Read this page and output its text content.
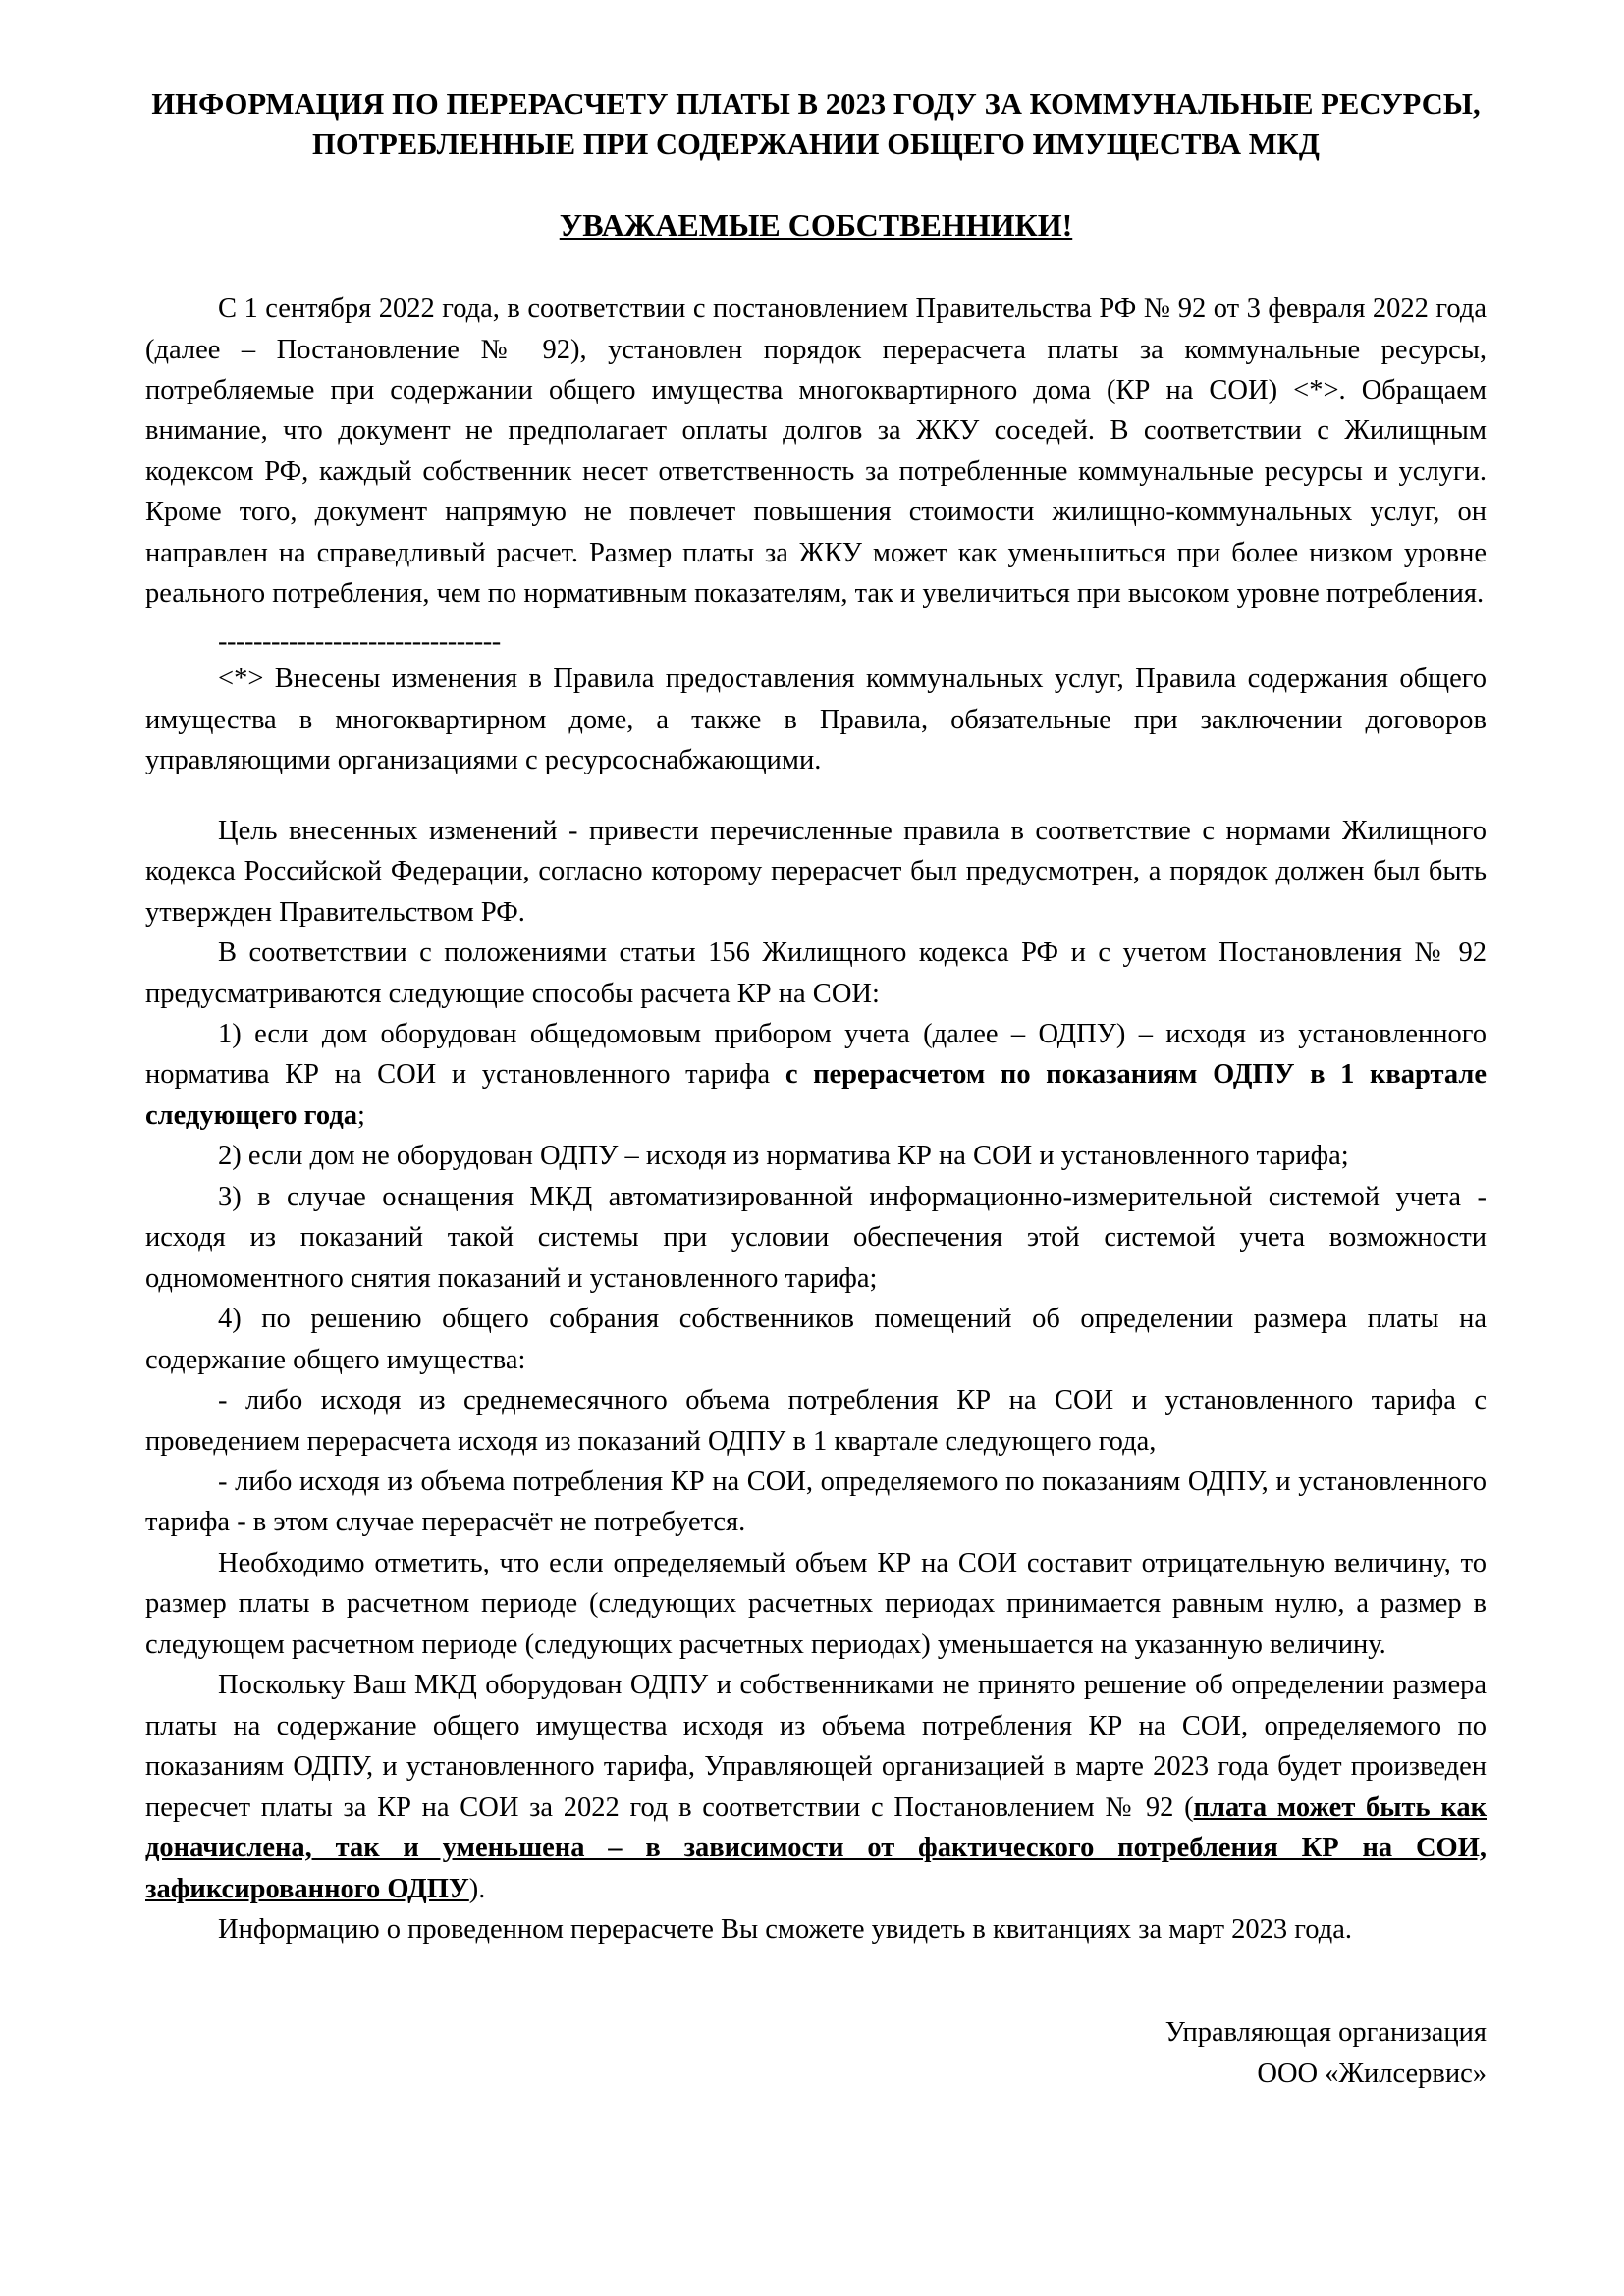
ИНФОРМАЦИЯ ПО ПЕРЕРАСЧЕТУ ПЛАТЫ В 2023 ГОДУ ЗА КОММУНАЛЬНЫЕ РЕСУРСЫ, ПОТРЕБЛЕННЫЕ ПРИ СОДЕРЖАНИИ ОБЩЕГО ИМУЩЕСТВА МКД
УВАЖАЕМЫЕ СОБСТВЕННИКИ!

С 1 сентября 2022 года, в соответствии с постановлением Правительства РФ № 92 от 3 февраля 2022 года (далее – Постановление № 92), установлен порядок перерасчета платы за коммунальные ресурсы, потребляемые при содержании общего имущества многоквартирного дома (КР на СОИ) <*>. Обращаем внимание, что документ не предполагает оплаты долгов за ЖКУ соседей. В соответствии с Жилищным кодексом РФ, каждый собственник несет ответственность за потребленные коммунальные ресурсы и услуги. Кроме того, документ напрямую не повлечет повышения стоимости жилищно-коммунальных услуг, он направлен на справедливый расчет. Размер платы за ЖКУ может как уменьшиться при более низком уровне реального потребления, чем по нормативным показателям, так и увеличиться при высоком уровне потребления.

--------------------------------

<*> Внесены изменения в Правила предоставления коммунальных услуг, Правила содержания общего имущества в многоквартирном доме, а также в Правила, обязательные при заключении договоров управляющими организациями с ресурсоснабжающими.

Цель внесенных изменений - привести перечисленные правила в соответствие с нормами Жилищного кодекса Российской Федерации, согласно которому перерасчет был предусмотрен, а порядок должен был быть утвержден Правительством РФ.

В соответствии с положениями статьи 156 Жилищного кодекса РФ и с учетом Постановления № 92 предусматриваются следующие способы расчета КР на СОИ:

1) если дом оборудован общедомовым прибором учета (далее – ОДПУ) – исходя из установленного норматива КР на СОИ и установленного тарифа с перерасчетом по показаниям ОДПУ в 1 квартале следующего года;

2) если дом не оборудован ОДПУ – исходя из норматива КР на СОИ и установленного тарифа;

3) в случае оснащения МКД автоматизированной информационно-измерительной системой учета - исходя из показаний такой системы при условии обеспечения этой системой учета возможности одномоментного снятия показаний и установленного тарифа;

4) по решению общего собрания собственников помещений об определении размера платы на содержание общего имущества:

- либо исходя из среднемесячного объема потребления КР на СОИ и установленного тарифа с проведением перерасчета исходя из показаний ОДПУ в 1 квартале следующего года,

- либо исходя из объема потребления КР на СОИ, определяемого по показаниям ОДПУ, и установленного тарифа - в этом случае перерасчёт не потребуется.

Необходимо отметить, что если определяемый объем КР на СОИ составит отрицательную величину, то размер платы в расчетном периоде (следующих расчетных периодах принимается равным нулю, а размер в следующем расчетном периоде (следующих расчетных периодах) уменьшается на указанную величину.

Поскольку Ваш МКД оборудован ОДПУ и собственниками не принято решение об определении размера платы на содержание общего имущества исходя из объема потребления КР на СОИ, определяемого по показаниям ОДПУ, и установленного тарифа, Управляющей организацией в марте 2023 года будет произведен пересчет платы за КР на СОИ за 2022 год в соответствии с Постановлением № 92 (плата может быть как доначислена, так и уменьшена – в зависимости от фактического потребления КР на СОИ, зафиксированного ОДПУ).

Информацию о проведенном перерасчете Вы сможете увидеть в квитанциях за март 2023 года.

Управляющая организация
ООО «Жилсервис»
